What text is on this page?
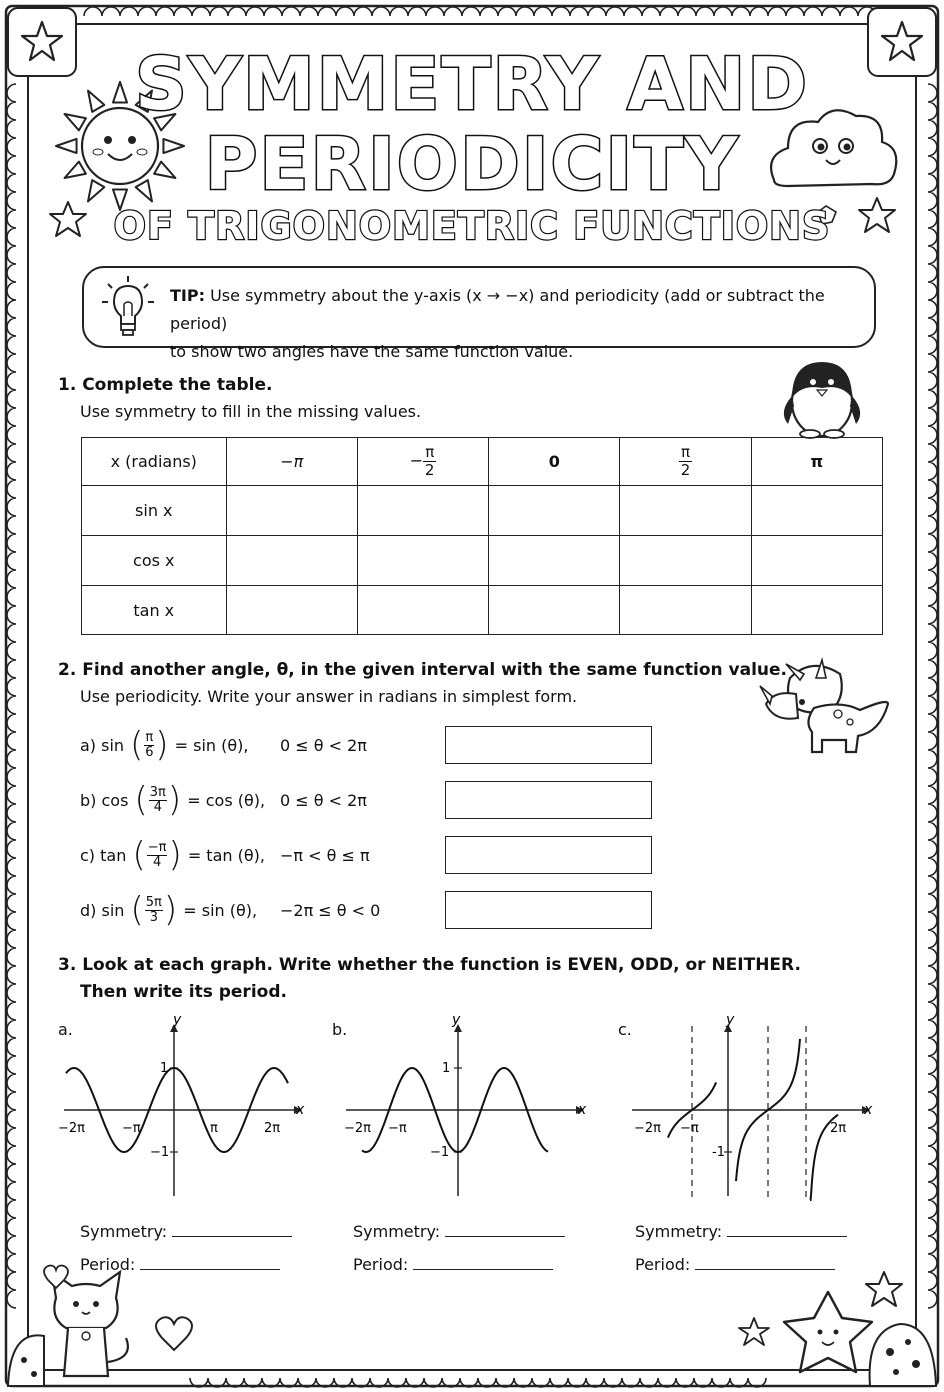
SYMMETRY AND
PERIODICITY
OF TRIGONOMETRIC FUNCTIONS
TIP: Use symmetry about the y-axis (x → −x) and periodicity (add or subtract the period)
to show two angles have the same function value.
1. Complete the table.
Use symmetry to fill in the missing values.
x (radians)	−π	− $\frac{\pi}{2}$	0	$\frac{\pi}{2}$	π
sin x					
cos x					
tan x					
2. Find another angle, θ, in the given interval with the same function value.
Use periodicity. Write your answer in radians in simplest form.
a)
sin
( $\frac{\pi}{6}$ )
= sin (θ), 0 ≤ θ < 2π
b)
cos
( $\frac{3\pi}{4}$ )
= cos (θ), 0 ≤ θ < 2π
c)
tan
( $\frac{-\pi}{4}$ )
= tan (θ), −π < θ ≤ π
d)
sin
( $\frac{5\pi}{3}$ )
= sin (θ), −2π ≤ θ < 0
3. Look at each graph. Write whether the function is EVEN, ODD, or NEITHER.
Then write its period.
a.	b.	c.
y
x
1
−1
−2π	−π	π	2π
y
x
1
−1
−2π −π
y
x
-1
−2π −π	2π
Symmetry:
Period:
Symmetry:
Period:
Symmetry:
Period:
